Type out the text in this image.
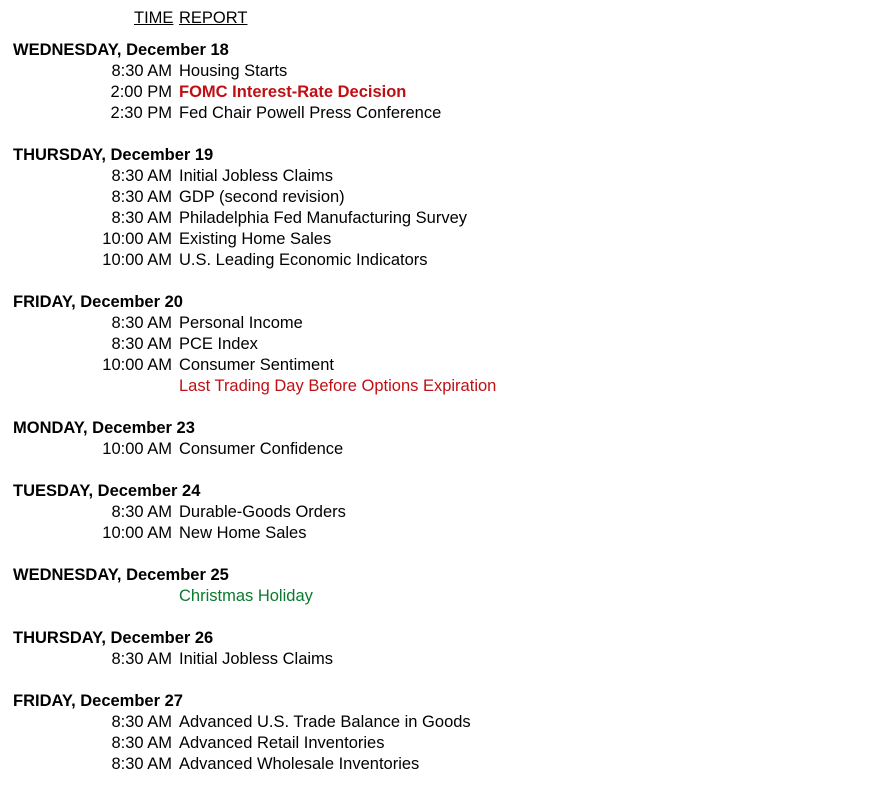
TIME REPORT
WEDNESDAY, December 18
8:30 AM Housing Starts
2:00 PM FOMC Interest-Rate Decision
2:30 PM Fed Chair Powell Press Conference
THURSDAY, December 19
8:30 AM Initial Jobless Claims
8:30 AM GDP (second revision)
8:30 AM Philadelphia Fed Manufacturing Survey
10:00 AM Existing Home Sales
10:00 AM U.S. Leading Economic Indicators
FRIDAY, December 20
8:30 AM Personal Income
8:30 AM PCE Index
10:00 AM Consumer Sentiment
Last Trading Day Before Options Expiration
MONDAY, December 23
10:00 AM Consumer Confidence
TUESDAY, December 24
8:30 AM Durable-Goods Orders
10:00 AM New Home Sales
WEDNESDAY, December 25
Christmas Holiday
THURSDAY, December 26
8:30 AM Initial Jobless Claims
FRIDAY, December 27
8:30 AM Advanced U.S. Trade Balance in Goods
8:30 AM Advanced Retail Inventories
8:30 AM Advanced Wholesale Inventories
